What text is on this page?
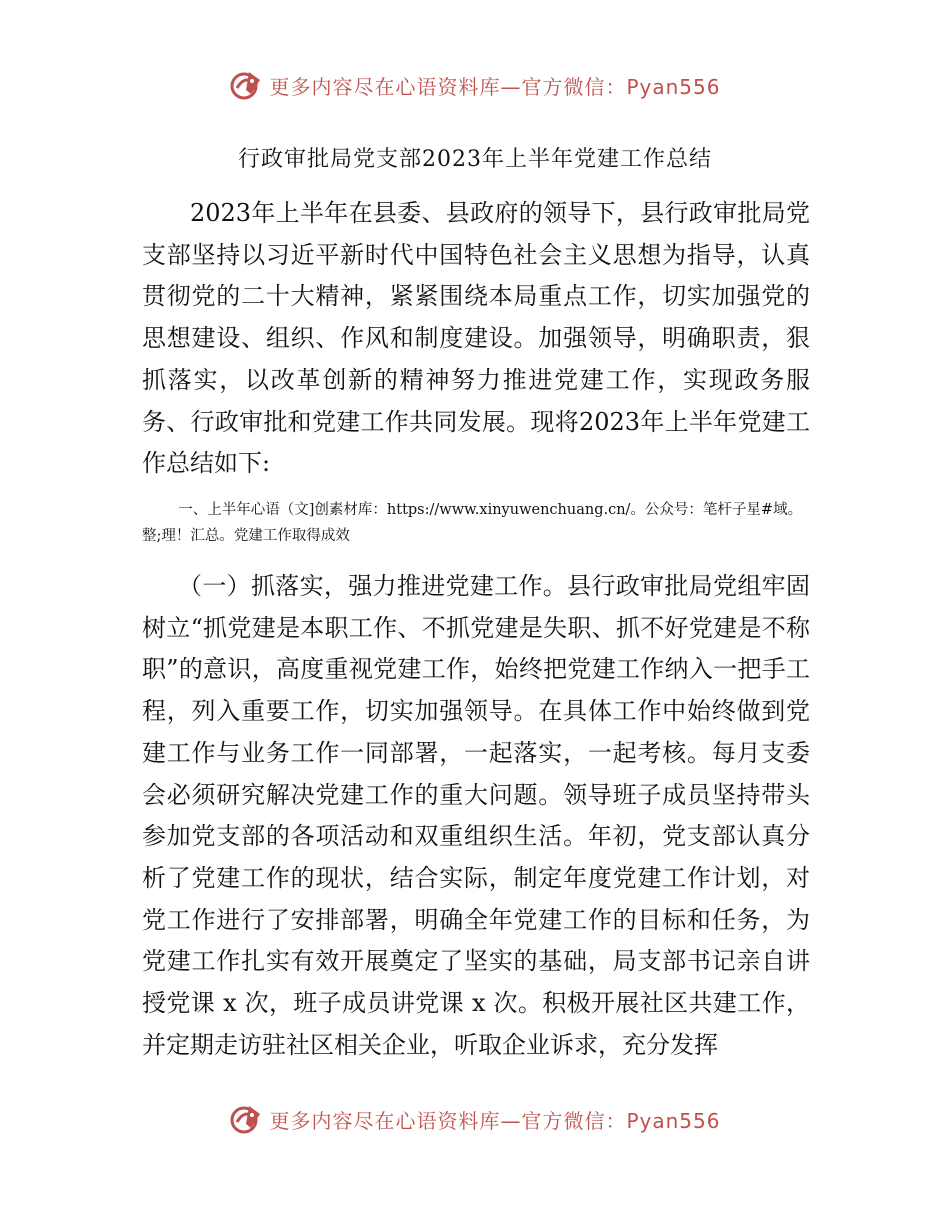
更多内容尽在心语资料库—官方微信：Pyan556
行政审批局党支部2023年上半年党建工作总结

2023年上半年在县委、县政府的领导下，县行政审批局党支部坚持以习近平新时代中国特色社会主义思想为指导，认真贯彻党的二十大精神，紧紧围绕本局重点工作，切实加强党的思想建设、组织、作风和制度建设。加强领导，明确职责，狠抓落实，以改革创新的精神努力推进党建工作，实现政务服务、行政审批和党建工作共同发展。现将2023年上半年党建工作总结如下:

一、上半年心语（文]创素材库：https://www.xinyuwenchuang.cn/。公众号：笔杆子星#域。整;理！汇总。党建工作取得成效

（一）抓落实，强力推进党建工作。县行政审批局党组牢固树立“抓党建是本职工作、不抓党建是失职、抓不好党建是不称职”的意识，高度重视党建工作，始终把党建工作纳入一把手工程，列入重要工作，切实加强领导。在具体工作中始终做到党建工作与业务工作一同部署，一起落实，一起考核。每月支委会必须研究解决党建工作的重大问题。领导班子成员坚持带头参加党支部的各项活动和双重组织生活。年初，党支部认真分析了党建工作的现状，结合实际，制定年度党建工作计划，对党工作进行了安排部署，明确全年党建工作的目标和任务，为党建工作扎实有效开展奠定了坚实的基础，局支部书记亲自讲授党课 x 次，班子成员讲党课 x 次。积极开展社区共建工作，并定期走访驻社区相关企业，听取企业诉求，充分发挥

更多内容尽在心语资料库—官方微信：Pyan556
